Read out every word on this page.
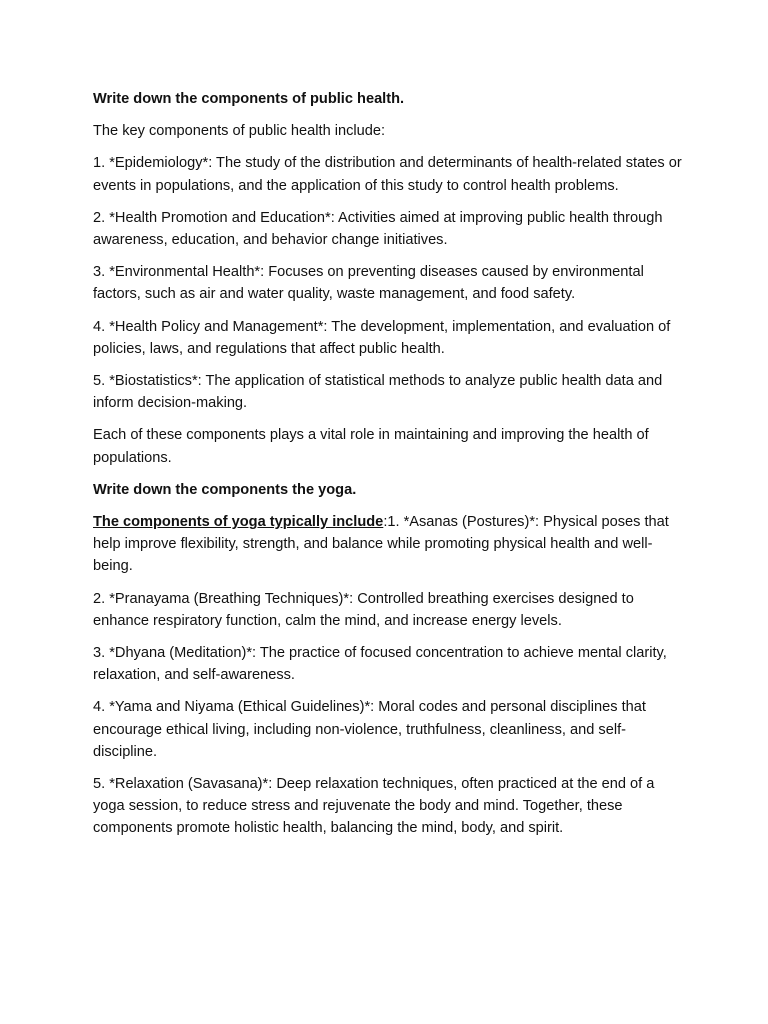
Write down the components of public health.

The key components of public health include:

1. *Epidemiology*: The study of the distribution and determinants of health-related states or events in populations, and the application of this study to control health problems.

2. *Health Promotion and Education*: Activities aimed at improving public health through awareness, education, and behavior change initiatives.

3. *Environmental Health*: Focuses on preventing diseases caused by environmental factors, such as air and water quality, waste management, and food safety.

4. *Health Policy and Management*: The development, implementation, and evaluation of policies, laws, and regulations that affect public health.

5. *Biostatistics*: The application of statistical methods to analyze public health data and inform decision-making.

Each of these components plays a vital role in maintaining and improving the health of populations.

Write down the components the yoga.

The components of yoga typically include:1. *Asanas (Postures)*: Physical poses that help improve flexibility, strength, and balance while promoting physical health and well-being.

2. *Pranayama (Breathing Techniques)*: Controlled breathing exercises designed to enhance respiratory function, calm the mind, and increase energy levels.

3. *Dhyana (Meditation)*: The practice of focused concentration to achieve mental clarity, relaxation, and self-awareness.

4. *Yama and Niyama (Ethical Guidelines)*: Moral codes and personal disciplines that encourage ethical living, including non-violence, truthfulness, cleanliness, and self-discipline.

5. *Relaxation (Savasana)*: Deep relaxation techniques, often practiced at the end of a yoga session, to reduce stress and rejuvenate the body and mind. Together, these components promote holistic health, balancing the mind, body, and spirit.
